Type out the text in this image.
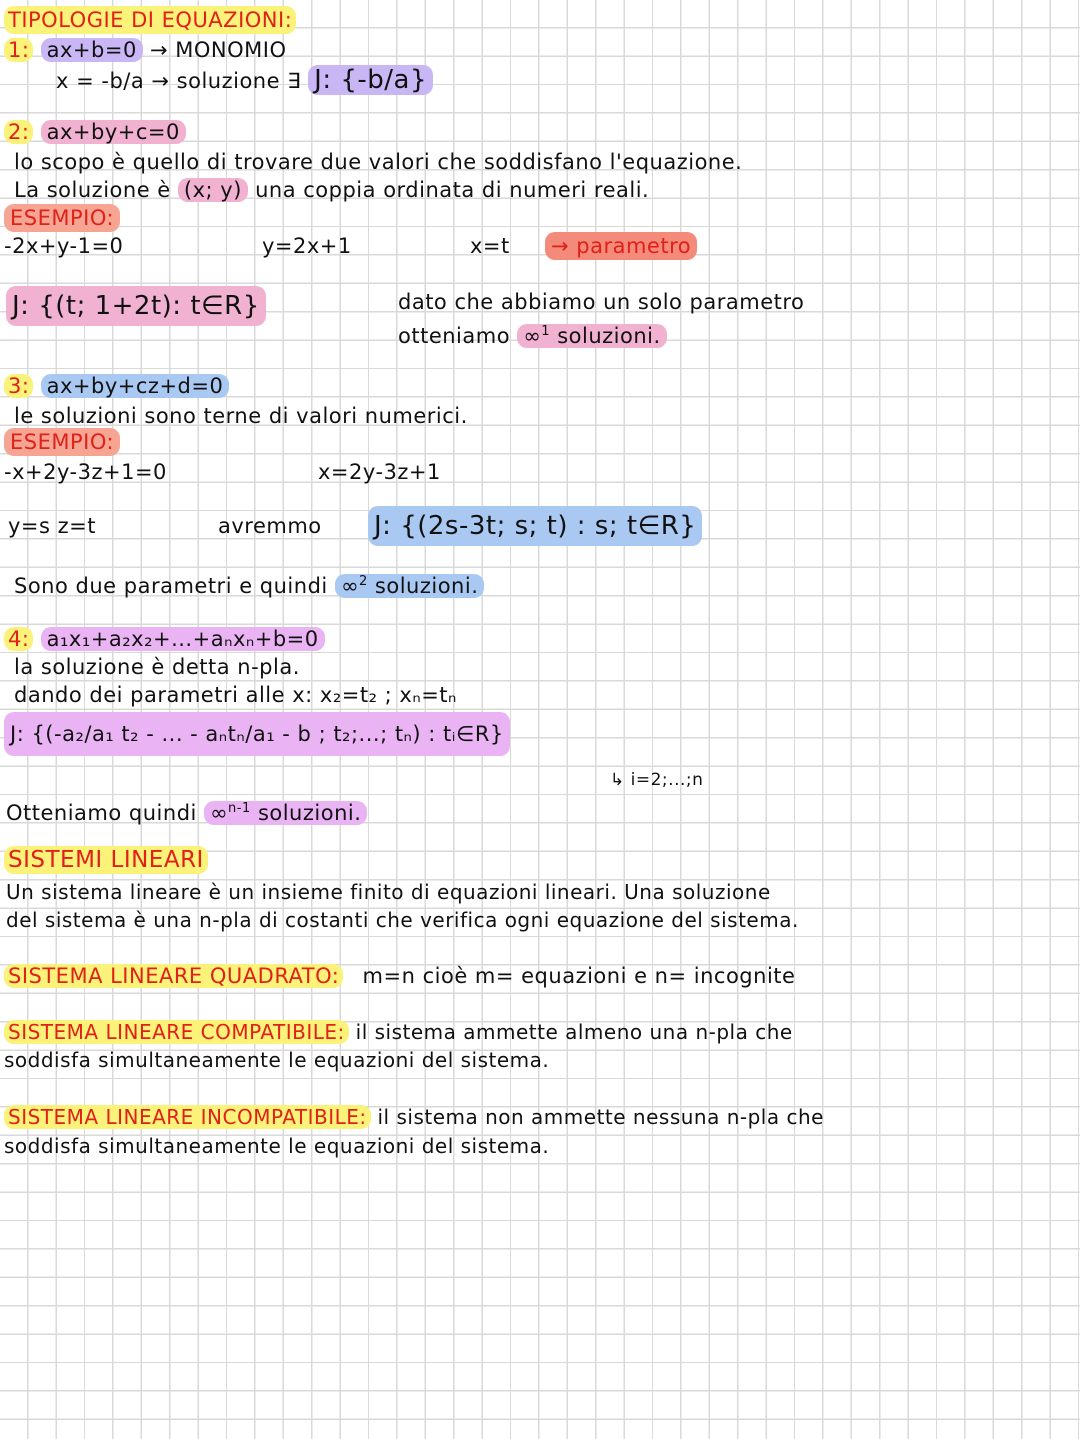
TIPOLOGIE DI EQUAZIONI:
1: ax+b=0 → MONOMIO
x = -b/a → soluzione ∃ J: {-b/a}
2: ax+by+c=0
lo scopo è quello di trovare due valori che soddisfano l'equazione.
La soluzione è (x; y) una coppia ordinata di numeri reali.
ESEMPIO:
-2x+y-1=0	y=2x+1	x=t → parametro
J: {(t; 1+2t): t∈R}	dato che abbiamo un solo parametro
otteniamo ∞$^1$ soluzioni.
3: ax+by+cz+d=0
le soluzioni sono terne di valori numerici.
ESEMPIO:
-x+2y-3z+1=0	x=2y-3z+1
y=s z=t	avremmo J: {(2s-3t; s; t) : s; t∈R}
Sono due parametri e quindi ∞$^2$ soluzioni.
4: a₁x₁+a₂x₂+...+aₙxₙ+b=0
la soluzione è detta n-pla.
dando dei parametri alle x: x₂=t₂ ; xₙ=tₙ
J: {(-a₂/a₁ t₂ - ... - aₙtₙ/a₁ - b ; t₂;...; tₙ) : tᵢ∈R}
↳ i=2;...;n
Otteniamo quindi ∞$^{n-1}$ soluzioni.
SISTEMI LINEARI
Un sistema lineare è un insieme finito di equazioni lineari. Una soluzione
del sistema è una n-pla di costanti che verifica ogni equazione del sistema.
SISTEMA LINEARE QUADRATO: m=n cioè m= equazioni e n= incognite
SISTEMA LINEARE COMPATIBILE: il sistema ammette almeno una n-pla che
soddisfa simultaneamente le equazioni del sistema.
SISTEMA LINEARE INCOMPATIBILE: il sistema non ammette nessuna n-pla che
soddisfa simultaneamente le equazioni del sistema.
